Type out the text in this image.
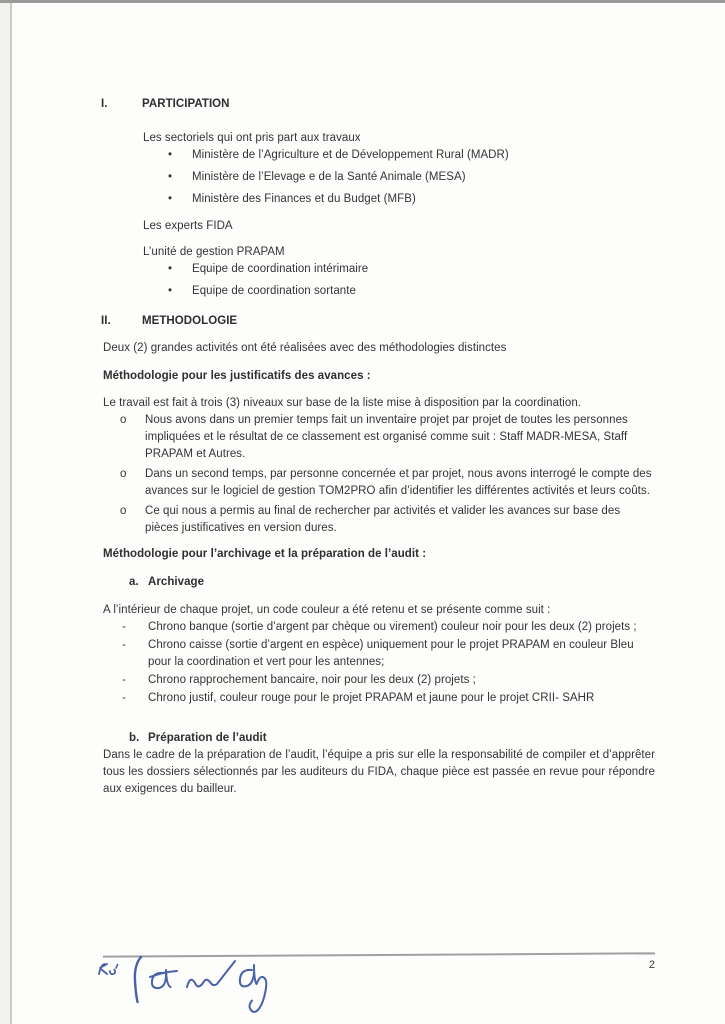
I.	PARTICIPATION
Les sectoriels qui ont pris part aux travaux
•	Ministère de l’Agriculture et de Développement Rural (MADR)
•	Ministère de l’Elevage e de la Santé Animale (MESA)
•	Ministère des Finances et du Budget (MFB)
Les experts FIDA
L’unité de gestion PRAPAM
•	Equipe de coordination intérimaire
•	Equipe de coordination sortante
II.	METHODOLOGIE
Deux (2) grandes activités ont été réalisées avec des méthodologies distinctes
Méthodologie pour les justificatifs des avances :
Le travail est fait à trois (3) niveaux sur base de la liste mise à disposition par la coordination.
o	Nous avons dans un premier temps fait un inventaire projet par projet de toutes les personnes impliquées et le résultat de ce classement est organisé comme suit : Staff MADR-MESA, Staff PRAPAM et Autres.
o	Dans un second temps, par personne concernée et par projet, nous avons interrogé le compte des avances sur le logiciel de gestion TOM2PRO afin d’identifier les différentes activités et leurs coûts.
o	Ce qui nous a permis au final de rechercher par activités et valider les avances sur base des pièces justificatives en version dures.
Méthodologie pour l’archivage et la préparation de l’audit :
a. Archivage
A l’intérieur de chaque projet, un code couleur a été retenu et se présente comme suit :
-	Chrono banque (sortie d’argent par chèque ou virement) couleur noir pour les deux (2) projets ;
-	Chrono caisse (sortie d’argent en espèce) uniquement pour le projet PRAPAM en couleur Bleu pour la coordination et vert pour les antennes;
-	Chrono rapprochement bancaire, noir pour les deux (2) projets ;
-	Chrono justif, couleur rouge pour le projet PRAPAM et jaune pour le projet CRII- SAHR
b. Préparation de l’audit
Dans le cadre de la préparation de l’audit, l’équipe a pris sur elle la responsabilité de compiler et d’apprêter tous les dossiers sélectionnés par les auditeurs du FIDA, chaque pièce est passée en revue pour répondre aux exigences du bailleur.
2
